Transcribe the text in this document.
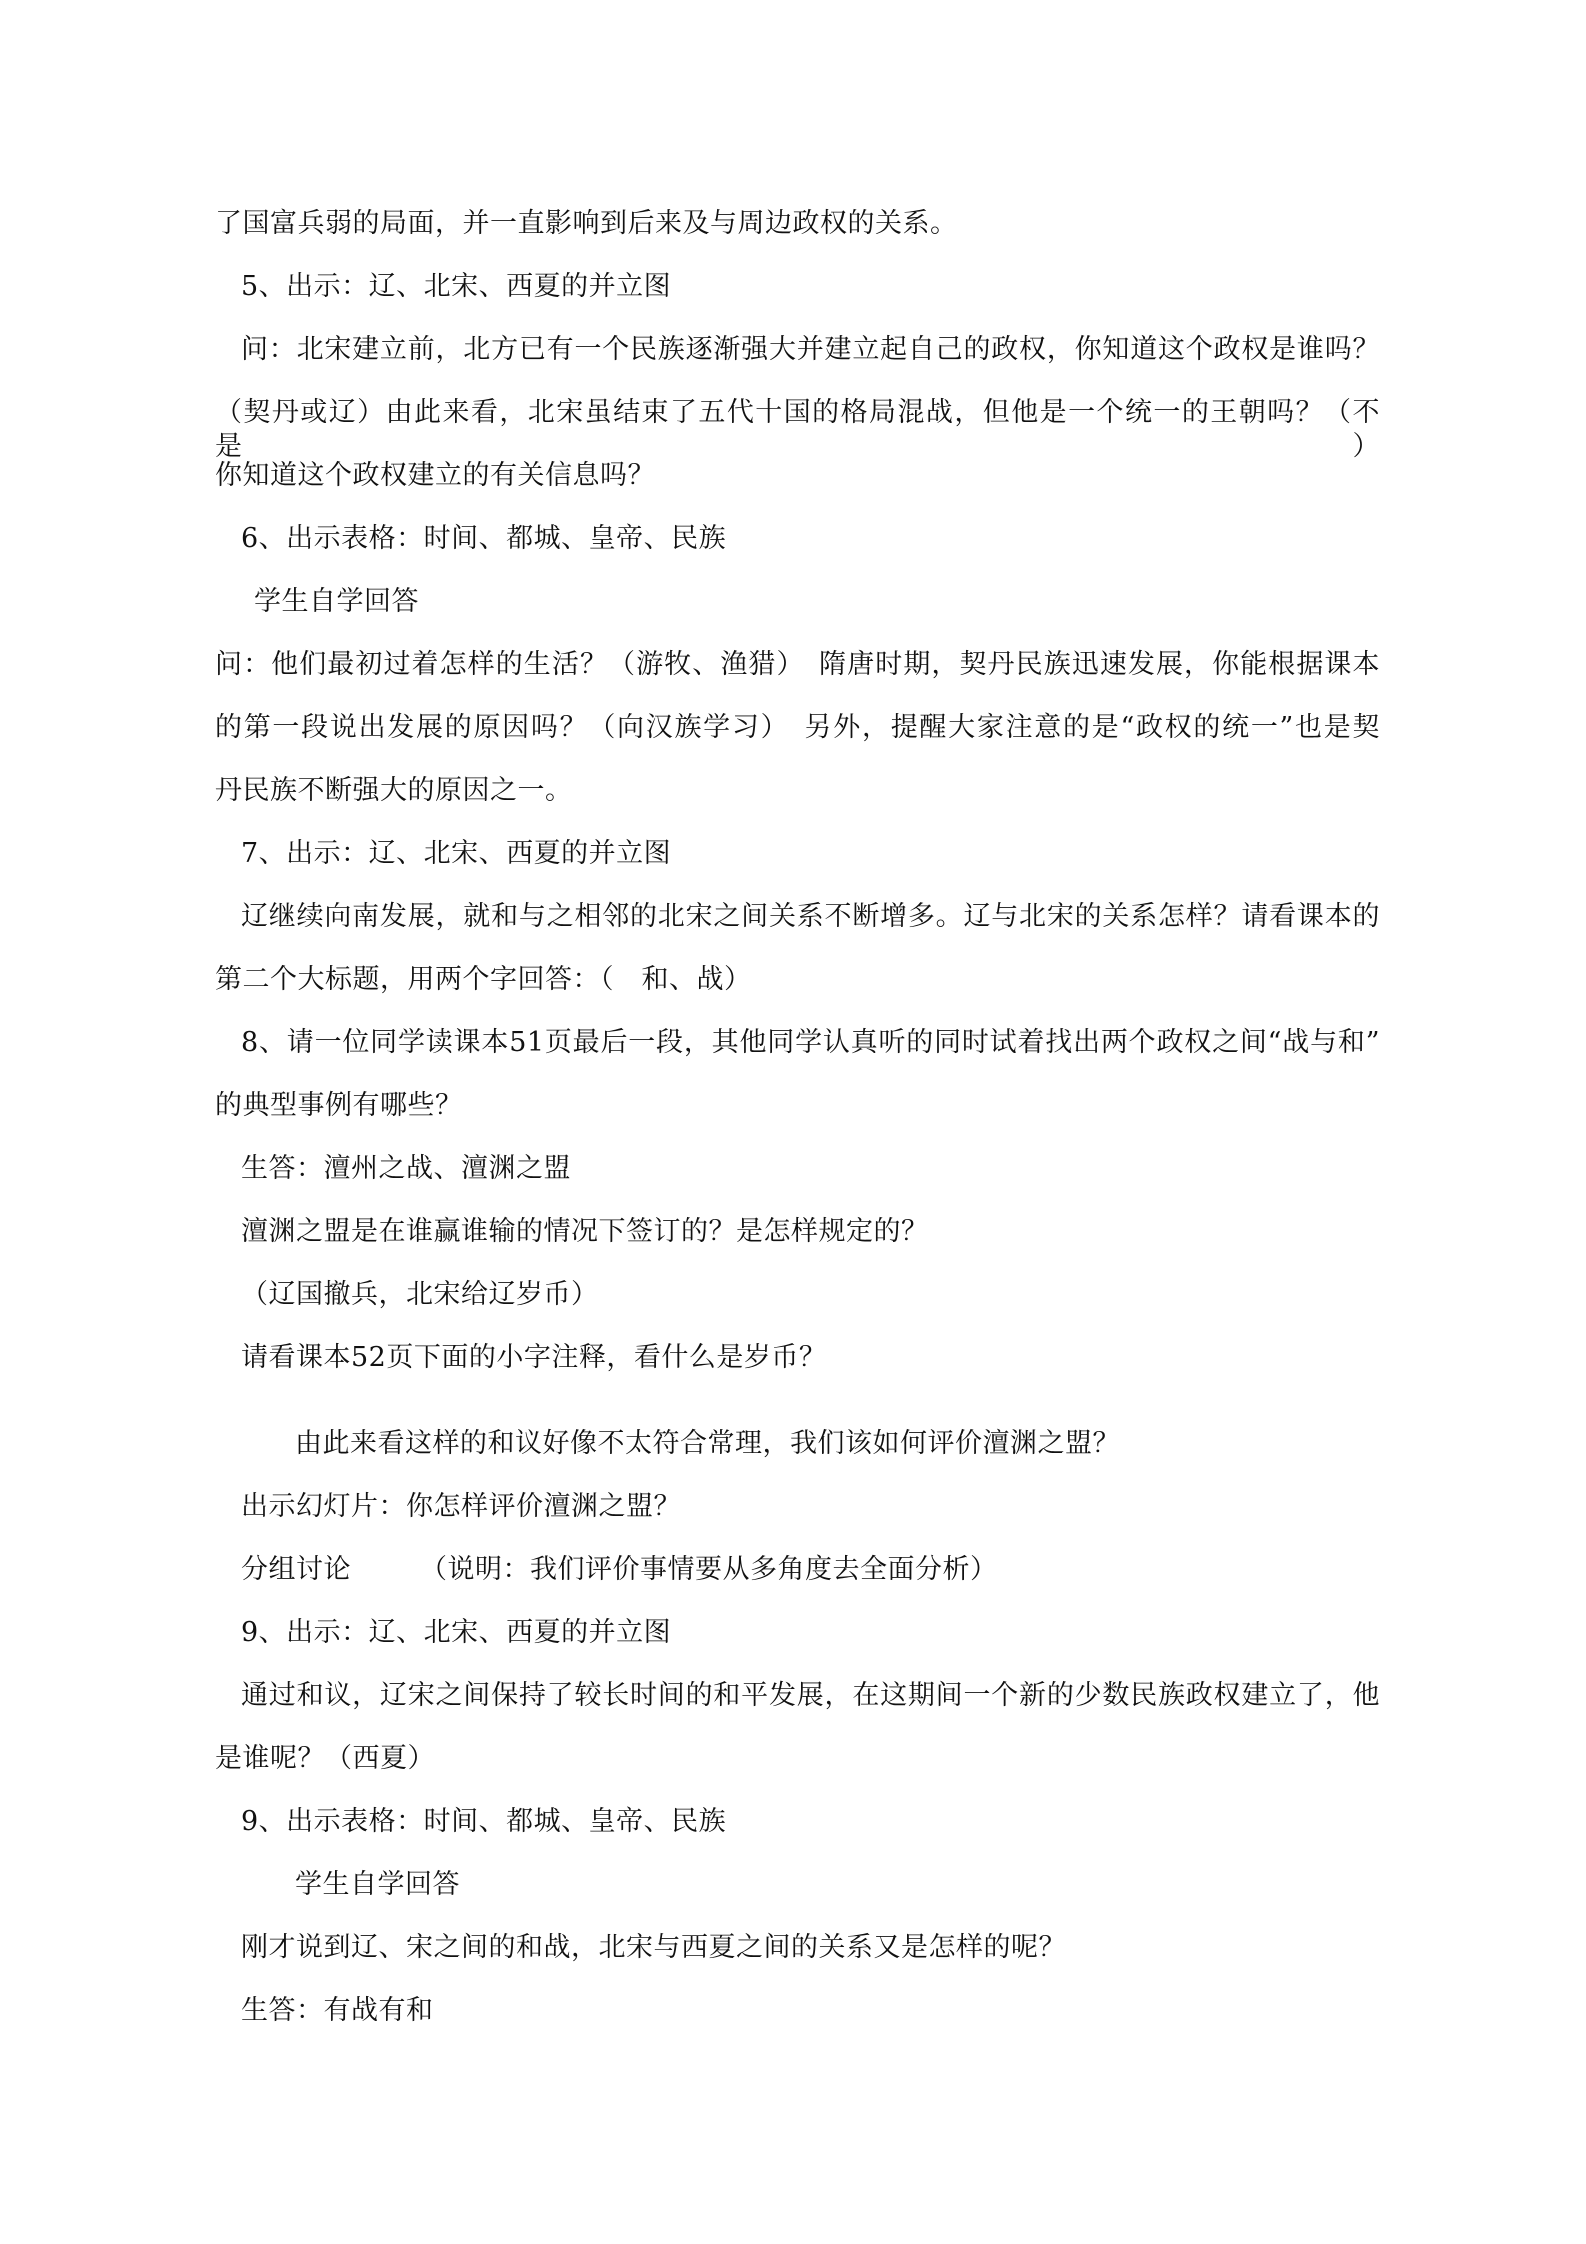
了国富兵弱的局面，并一直影响到后来及与周边政权的关系。
5、出示：辽、北宋、西夏的并立图
问：北宋建立前，北方已有一个民族逐渐强大并建立起自己的政权，你知道这个政权是谁吗？
（契丹或辽）由此来看，北宋虽结束了五代十国的格局混战，但他是一个统一的王朝吗？（不是）
你知道这个政权建立的有关信息吗？
6、出示表格：时间、都城、皇帝、民族
学生自学回答
问：他们最初过着怎样的生活？（游牧、渔猎）　隋唐时期，契丹民族迅速发展，你能根据课本
的第一段说出发展的原因吗？（向汉族学习）　另外，提醒大家注意的是“政权的统一”也是契
丹民族不断强大的原因之一。
7、出示：辽、北宋、西夏的并立图
辽继续向南发展，就和与之相邻的北宋之间关系不断增多。辽与北宋的关系怎样？请看课本的
第二个大标题，用两个字回答：（　和、战）
8、请一位同学读课本51页最后一段，其他同学认真听的同时试着找出两个政权之间“战与和”
的典型事例有哪些？
生答：澶州之战、澶渊之盟
澶渊之盟是在谁赢谁输的情况下签订的？是怎样规定的？
（辽国撤兵，北宋给辽岁币）
请看课本52页下面的小字注释，看什么是岁币？
由此来看这样的和议好像不太符合常理，我们该如何评价澶渊之盟？
出示幻灯片：你怎样评价澶渊之盟？
分组讨论　　　（说明：我们评价事情要从多角度去全面分析）
9、出示：辽、北宋、西夏的并立图
通过和议，辽宋之间保持了较长时间的和平发展，在这期间一个新的少数民族政权建立了，他
是谁呢？（西夏）
9、出示表格：时间、都城、皇帝、民族
学生自学回答
刚才说到辽、宋之间的和战，北宋与西夏之间的关系又是怎样的呢？
生答：有战有和
